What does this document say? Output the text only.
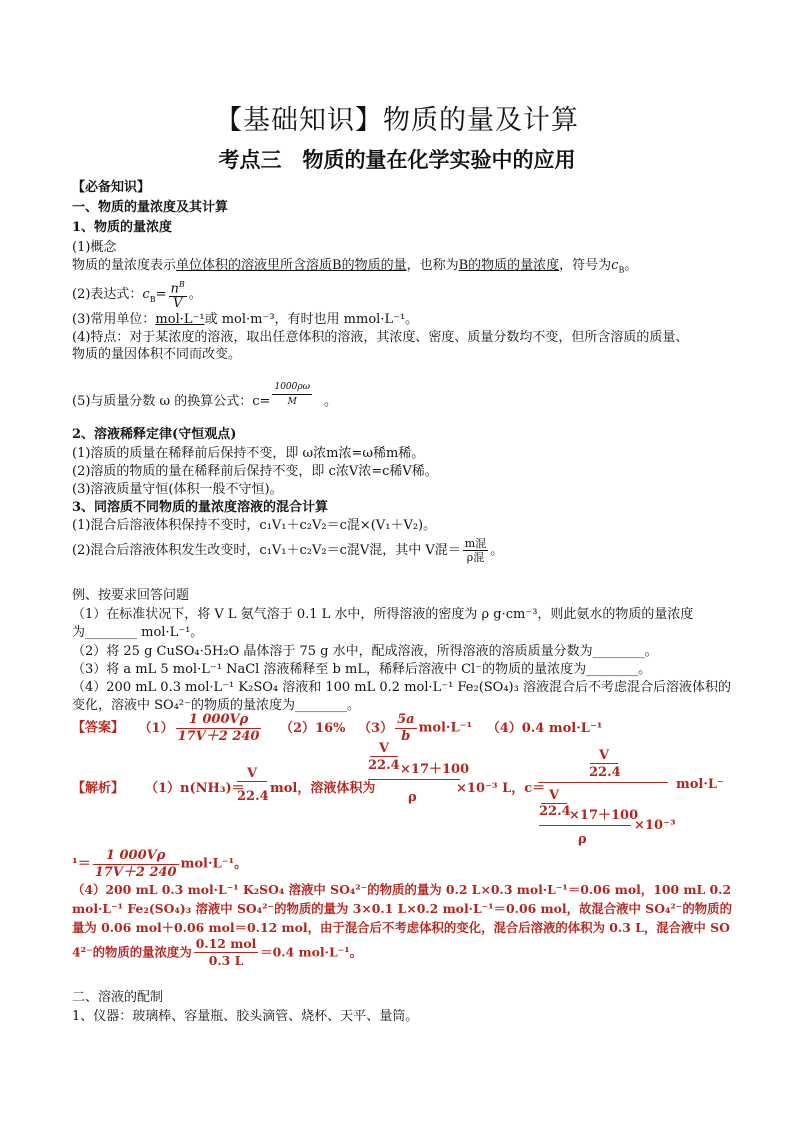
【基础知识】物质的量及计算
考点三　物质的量在化学实验中的应用
【必备知识】
一、物质的量浓度及其计算
1、物质的量浓度
(1)概念
物质的量浓度表示单位体积的溶液里所含溶质B的物质的量，也称为B的物质的量浓度，符号为$c_B$。
(2)表达式：$c_B= \frac{n^B}{V}$ 。
(3)常用单位：mol·L⁻¹或 mol·m⁻³，有时也用 mmol·L⁻¹。
(4)特点：对于某浓度的溶液，取出任意体积的溶液，其浓度、密度、质量分数均不变，但所含溶质的质量、
物质的量因体积不同而改变。
(5)与质量分数 ω 的换算公式：$c= \frac{1000\rho\omega}{M}$ 。
2、溶液稀释定律(守恒观点)
(1)溶质的质量在稀释前后保持不变，即 ω浓m浓=ω稀m稀。
(2)溶质的物质的量在稀释前后保持不变，即 c浓V浓=c稀V稀。
(3)溶液质量守恒(体积一般不守恒)。
3、同溶质不同物质的量浓度溶液的混合计算
(1)混合后溶液体积保持不变时，c₁V₁＋c₂V₂＝c混×(V₁＋V₂)。
(2)混合后溶液体积发生改变时，c₁V₁＋c₂V₂＝c混V混，其中 V混＝ $\frac{\text{m混}}{\text{ρ混}}$ 。
例、按要求回答问题
（1）在标准状况下，将 V L 氨气溶于 0.1 L 水中，所得溶液的密度为 ρ g·cm⁻³，则此氨水的物质的量浓度
为________ mol·L⁻¹。
（2）将 25 g CuSO₄·5H₂O 晶体溶于 75 g 水中，配成溶液，所得溶液的溶质质量分数为________。
（3）将 a mL 5 mol·L⁻¹ NaCl 溶液稀释至 b mL，稀释后溶液中 Cl⁻的物质的量浓度为________。
（4）200 mL 0.3 mol·L⁻¹ K₂SO₄ 溶液和 100 mL 0.2 mol·L⁻¹ Fe₂(SO₄)₃ 溶液混合后不考虑混合后溶液体积的
变化，溶液中 SO₄²⁻的物质的量浓度为________。
【答案】 $(1) \frac{1 000V\rho}{17V+2 240} (2)16\%$ $(3) \frac{5a}{b} mol\cdot L^{-1}$ （4）0.4 mol·L⁻¹
【解析】 （1）n(NH₃)＝
V
22.4
mol，溶液体积为
V
22.4 ×17＋100
ρ
×10⁻³ L，c＝
V
22.4
V
22.4
×17＋100
ρ
×10⁻³
mol·L⁻
$^1= \frac{1 000V\rho}{17V+2 240} mol\cdot L^{-1}$。
（4）200 mL 0.3 mol·L⁻¹ K₂SO₄ 溶液中 SO₄²⁻的物质的量为 0.2 L×0.3 mol·L⁻¹＝0.06 mol，100 mL 0.2
mol·L⁻¹ Fe₂(SO₄)₃ 溶液中 SO₄²⁻的物质的量为 3×0.1 L×0.2 mol·L⁻¹＝0.06 mol，故混合液中 SO₄²⁻的物质的
量为 0.06 mol＋0.06 mol＝0.12 mol，由于混合后不考虑体积的变化，混合后溶液的体积为 0.3 L，混合液中 SO
4²⁻的物质的量浓度为 $\frac{\text{0.12 mol}}{0.3 L} =0.4$ mol·L⁻¹。
二、溶液的配制
1、仪器：玻璃棒、容量瓶、胶头滴管、烧杯、天平、量筒。
